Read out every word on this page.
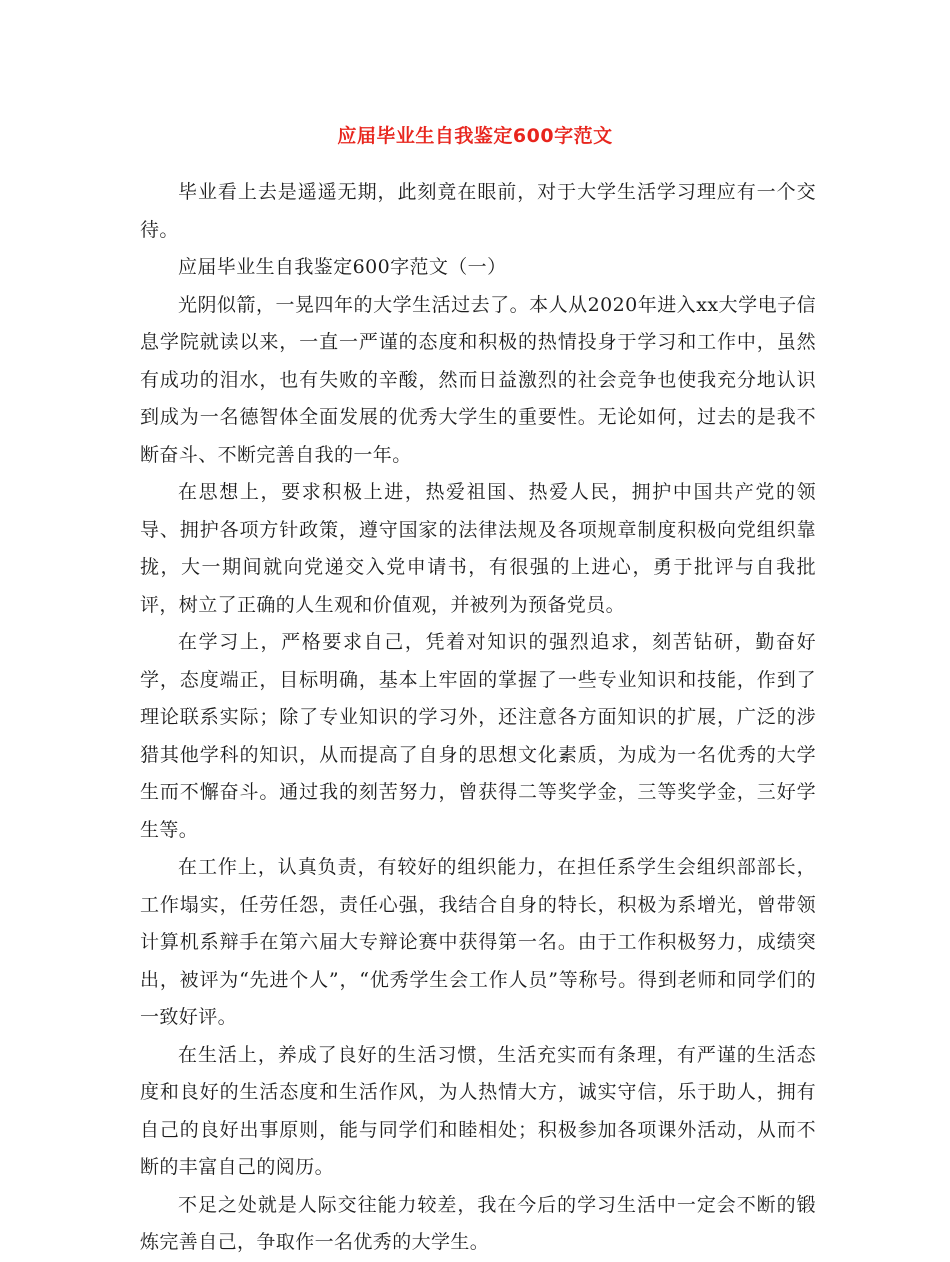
应届毕业生自我鉴定600字范文

毕业看上去是遥遥无期，此刻竟在眼前，对于大学生活学习理应有一个交待。

应届毕业生自我鉴定600字范文（一）

光阴似箭，一晃四年的大学生活过去了。本人从2020年进入xx大学电子信息学院就读以来，一直一严谨的态度和积极的热情投身于学习和工作中，虽然有成功的泪水，也有失败的辛酸，然而日益激烈的社会竞争也使我充分地认识到成为一名德智体全面发展的优秀大学生的重要性。无论如何，过去的是我不断奋斗、不断完善自我的一年。

在思想上，要求积极上进，热爱祖国、热爱人民，拥护中国共产党的领导、拥护各项方针政策，遵守国家的法律法规及各项规章制度积极向党组织靠拢，大一期间就向党递交入党申请书，有很强的上进心，勇于批评与自我批评，树立了正确的人生观和价值观，并被列为预备党员。

在学习上，严格要求自己，凭着对知识的强烈追求，刻苦钻研，勤奋好学，态度端正，目标明确，基本上牢固的掌握了一些专业知识和技能，作到了理论联系实际；除了专业知识的学习外，还注意各方面知识的扩展，广泛的涉猎其他学科的知识，从而提高了自身的思想文化素质，为成为一名优秀的大学生而不懈奋斗。通过我的刻苦努力，曾获得二等奖学金，三等奖学金，三好学生等。

在工作上，认真负责，有较好的组织能力，在担任系学生会组织部部长，工作塌实，任劳任怨，责任心强，我结合自身的特长，积极为系增光，曾带领计算机系辩手在第六届大专辩论赛中获得第一名。由于工作积极努力，成绩突出，被评为“先进个人”，“优秀学生会工作人员”等称号。得到老师和同学们的一致好评。

在生活上，养成了良好的生活习惯，生活充实而有条理，有严谨的生活态度和良好的生活态度和生活作风，为人热情大方，诚实守信，乐于助人，拥有自己的良好出事原则，能与同学们和睦相处；积极参加各项课外活动，从而不断的丰富自己的阅历。

不足之处就是人际交往能力较差，我在今后的学习生活中一定会不断的锻炼完善自己，争取作一名优秀的大学生。
